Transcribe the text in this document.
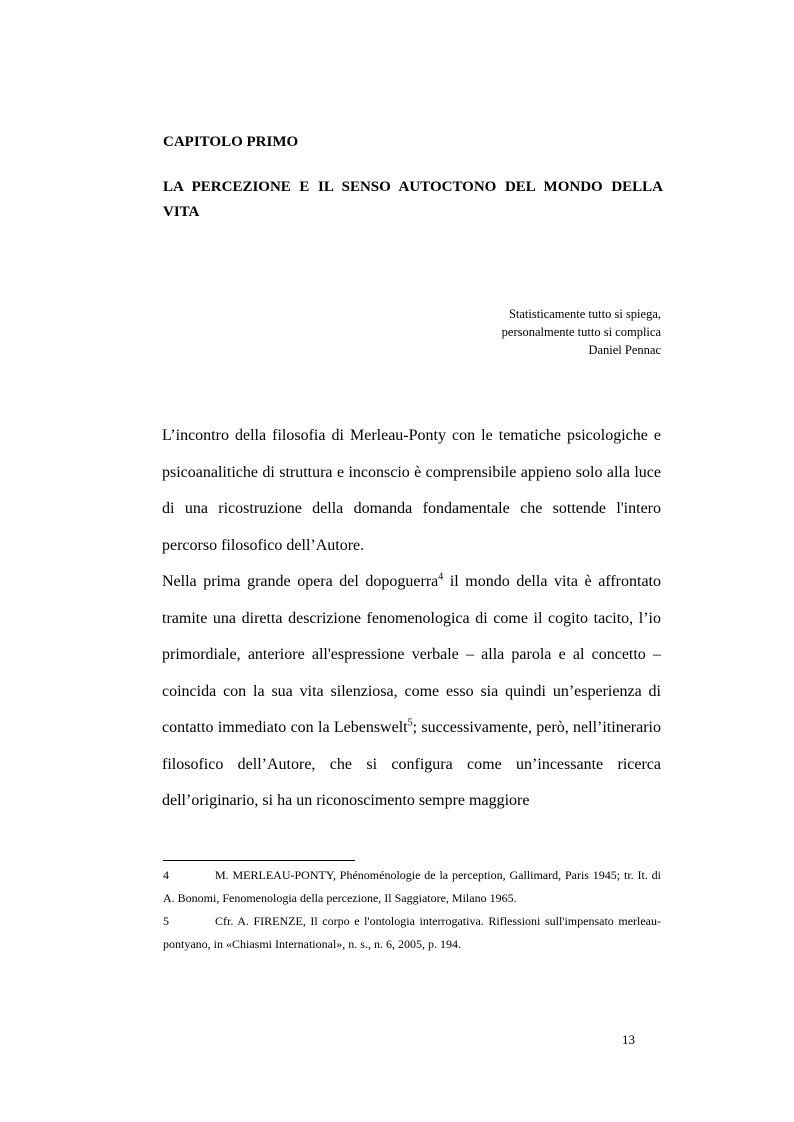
CAPITOLO PRIMO
LA PERCEZIONE E IL SENSO AUTOCTONO DEL MONDO DELLA VITA
Statisticamente tutto si spiega,
personalmente tutto si complica
Daniel Pennac

L’incontro della filosofia di Merleau-Ponty con le tematiche psicologiche e psicoanalitiche di struttura e inconscio è comprensibile appieno solo alla luce di una ricostruzione della domanda fondamentale che sottende l'intero percorso filosofico dell’Autore.

Nella prima grande opera del dopoguerra$^4$ il mondo della vita è affrontato tramite una diretta descrizione fenomenologica di come il cogito tacito, l’io primordiale, anteriore all'espressione verbale – alla parola e al concetto – coincida con la sua vita silenziosa, come esso sia quindi un’esperienza di contatto immediato con la Lebenswelt$^5$; successivamente, però, nell’itinerario filosofico dell’Autore, che si configura come un’incessante ricerca dell’originario, si ha un riconoscimento sempre maggiore

4	M. MERLEAU-PONTY, Phénoménologie de la perception, Gallimard, Paris 1945; tr. It. di A. Bonomi, Fenomenologia della percezione, Il Saggiatore, Milano 1965.

5	Cfr. A. FIRENZE, Il corpo e l'ontologia interrogativa. Riflessioni sull'impensato merleau-pontyano, in «Chiasmi International», n. s., n. 6, 2005, p. 194.

13
